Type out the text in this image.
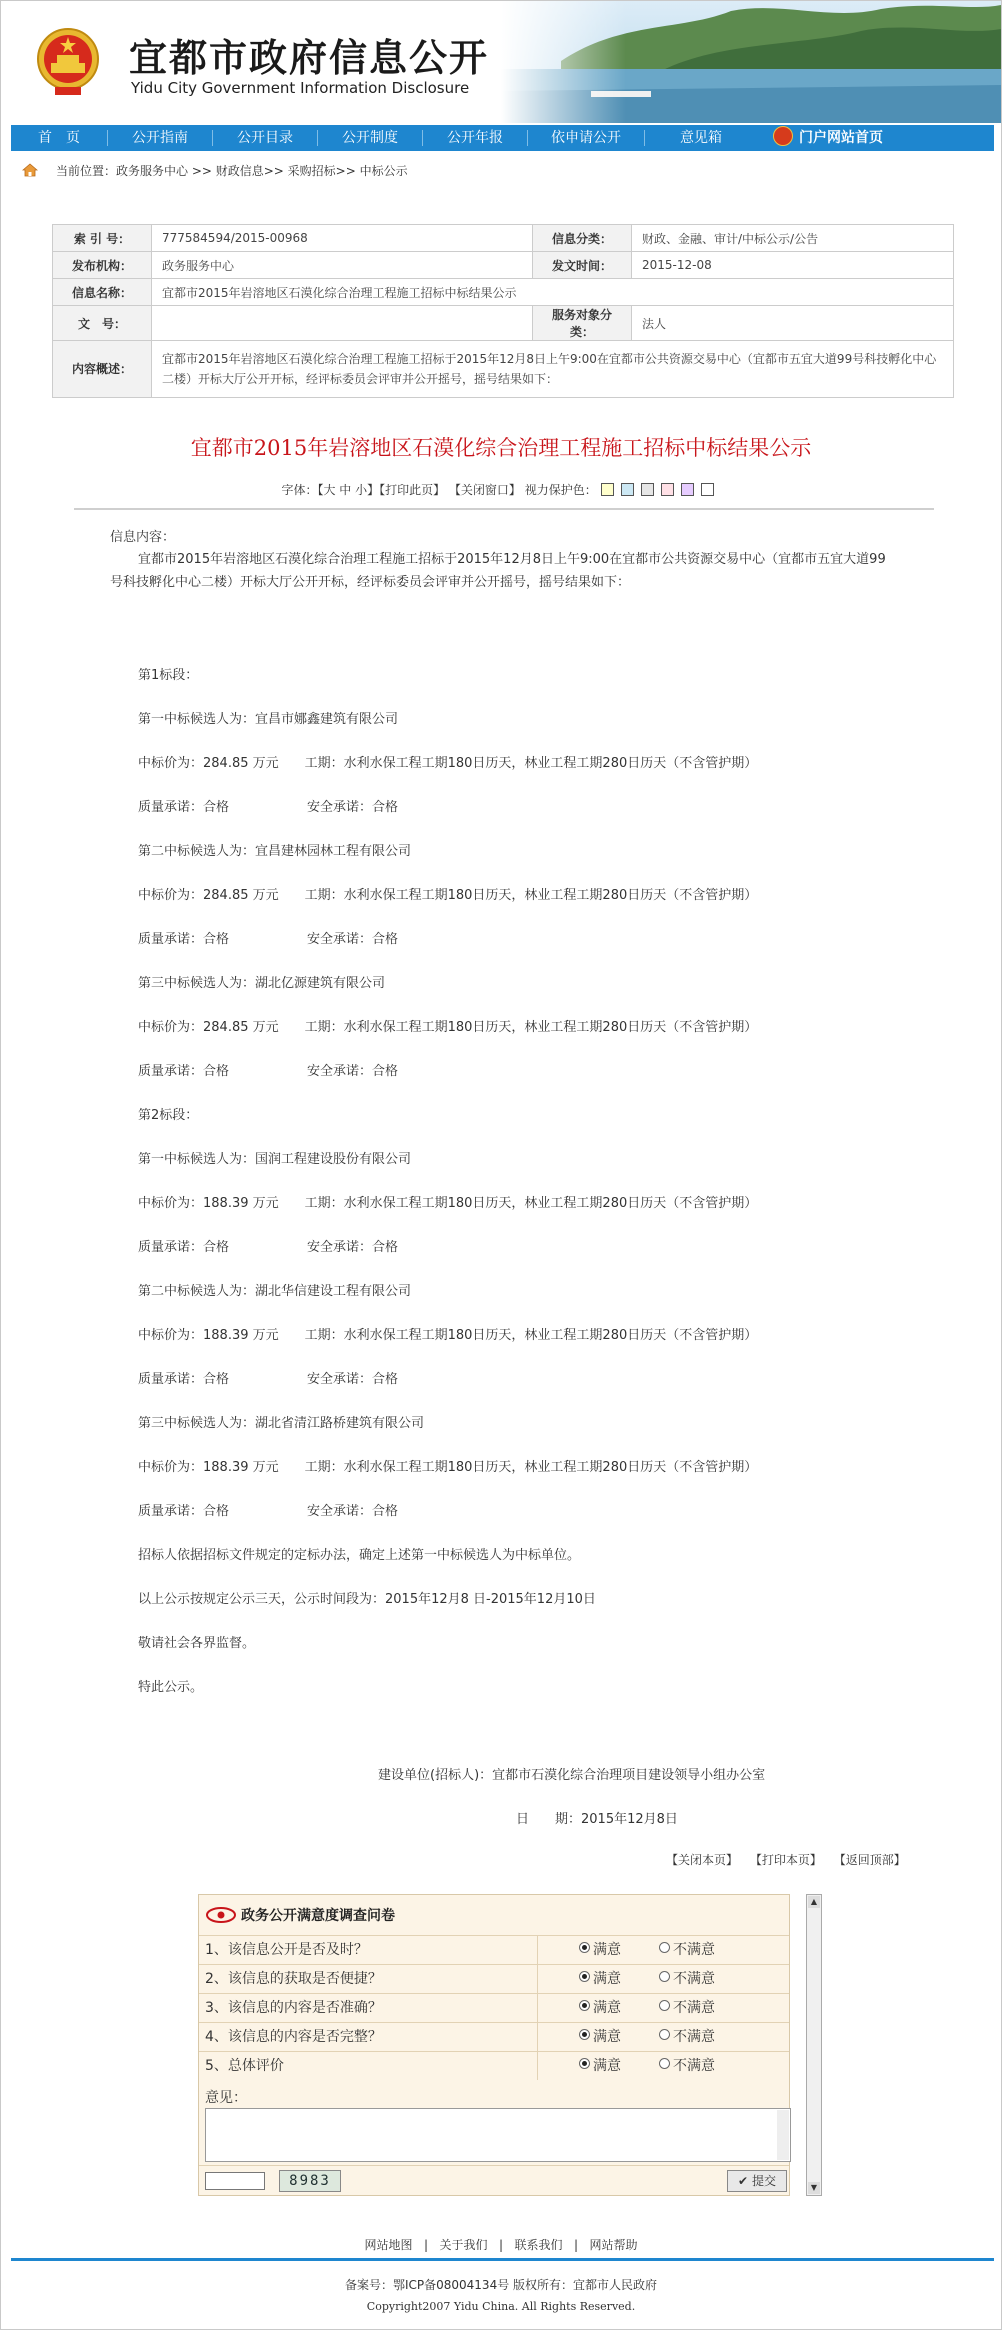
宜都市政府信息公开
Yidu City Government Information Disclosure
首　页	公开指南	公开目录	公开制度	公开年报	依申请公开	意见箱	门户网站首页
当前位置：政务服务中心 >> 财政信息>> 采购招标>> 中标公示
索 引 号：	777584594/2015-00968	信息分类：	财政、金融、审计/中标公示/公告
发布机构：	政务服务中心	发文时间：	2015-12-08
信息名称：	宜都市2015年岩溶地区石漠化综合治理工程施工招标中标结果公示		
文　号：		服务对象分类：	法人
内容概述：	宜都市2015年岩溶地区石漠化综合治理工程施工招标于2015年12月8日上午9:00在宜都市公共资源交易中心（宜都市五宜大道99号科技孵化中心二楼）开标大厅公开开标，经评标委员会评审并公开摇号，摇号结果如下：		
宜都市2015年岩溶地区石漠化综合治理工程施工招标中标结果公示
字体：【大 中 小】【打印此页】 【关闭窗口】 视力保护色：
信息内容：
宜都市2015年岩溶地区石漠化综合治理工程施工招标于2015年12月8日上午9:00在宜都市公共资源交易中心（宜都市五宜大道99号科技孵化中心二楼）开标大厅公开开标，经评标委员会评审并公开摇号，摇号结果如下：
第1标段：
第一中标候选人为：宜昌市娜鑫建筑有限公司
中标价为：284.85 万元　　工期：水利水保工程工期180日历天，林业工程工期280日历天（不含管护期）
质量承诺：合格　　　　　　安全承诺：合格
第二中标候选人为：宜昌建林园林工程有限公司
中标价为：284.85 万元　　工期：水利水保工程工期180日历天，林业工程工期280日历天（不含管护期）
质量承诺：合格　　　　　　安全承诺：合格
第三中标候选人为：湖北亿源建筑有限公司
中标价为：284.85 万元　　工期：水利水保工程工期180日历天，林业工程工期280日历天（不含管护期）
质量承诺：合格　　　　　　安全承诺：合格
第2标段：
第一中标候选人为：国润工程建设股份有限公司
中标价为：188.39 万元　　工期：水利水保工程工期180日历天，林业工程工期280日历天（不含管护期）
质量承诺：合格　　　　　　安全承诺：合格
第二中标候选人为：湖北华信建设工程有限公司
中标价为：188.39 万元　　工期：水利水保工程工期180日历天，林业工程工期280日历天（不含管护期）
质量承诺：合格　　　　　　安全承诺：合格
第三中标候选人为：湖北省清江路桥建筑有限公司
中标价为：188.39 万元　　工期：水利水保工程工期180日历天，林业工程工期280日历天（不含管护期）
质量承诺：合格　　　　　　安全承诺：合格
招标人依据招标文件规定的定标办法，确定上述第一中标候选人为中标单位。
以上公示按规定公示三天，公示时间段为：2015年12月8 日-2015年12月10日
敬请社会各界监督。
特此公示。
建设单位(招标人)：宜都市石漠化综合治理项目建设领导小组办公室
日　　期：2015年12月8日
【关闭本页】 【打印本页】 【返回顶部】
政务公开满意度调查问卷
1、该信息公开是否及时？	满意	不满意
2、该信息的获取是否便捷？	满意	不满意
3、该信息的内容是否准确？	满意	不满意
4、该信息的内容是否完整？	满意	不满意
5、总体评价	满意	不满意
意见：
8983	✔ 提交
▲
▼
网站地图 | 关于我们 | 联系我们 | 网站帮助
备案号：鄂ICP备08004134号 版权所有：宜都市人民政府
Copyright2007 Yidu China. All Rights Reserved.
